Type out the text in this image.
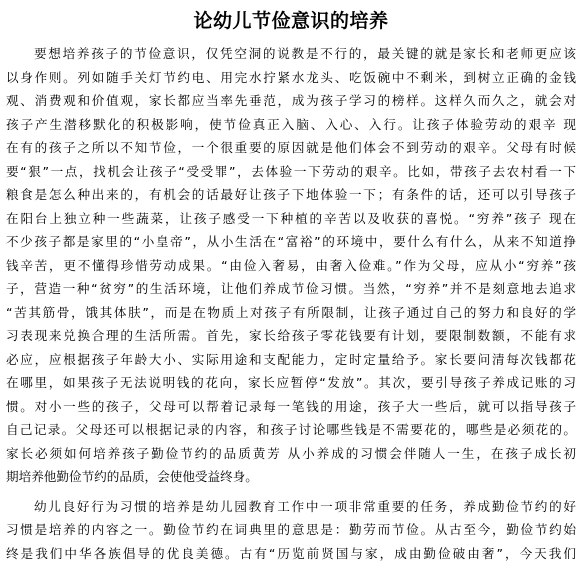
论幼儿节俭意识的培养
要想培养孩子的节俭意识，仅凭空洞的说教是不行的，最关键的就是家长和老师更应该
以身作则。列如随手关灯节约电、用完水拧紧水龙头、吃饭碗中不剩米，到树立正确的金钱
观、消费观和价值观，家长都应当率先垂范，成为孩子学习的榜样。这样久而久之，就会对
孩子产生潜移默化的积极影响，使节俭真正入脑、入心、入行。让孩子体验劳动的艰辛 现
在有的孩子之所以不知节俭，一个很重要的原因就是他们体会不到劳动的艰辛。父母有时候
要“狠”一点，找机会让孩子“受受罪”，去体验一下劳动的艰辛。比如，带孩子去农村看一下
粮食是怎么种出来的，有机会的话最好让孩子下地体验一下；有条件的话，还可以引导孩子
在阳台上独立种一些蔬菜，让孩子感受一下种植的辛苦以及收获的喜悦。“穷养”孩子 现在
不少孩子都是家里的“小皇帝”，从小生活在“富裕”的环境中，要什么有什么，从来不知道挣
钱辛苦，更不懂得珍惜劳动成果。“由俭入奢易，由奢入俭难。”作为父母，应从小“穷养”孩
子，营造一种“贫穷”的生活环境，让他们养成节俭习惯。当然，“穷养”并不是刻意地去追求
“苦其筋骨，饿其体肤”，而是在物质上对孩子有所限制，让孩子通过自己的努力和良好的学
习表现来兑换合理的生活所需。首先，家长给孩子零花钱要有计划，要限制数额，不能有求
必应，应根据孩子年龄大小、实际用途和支配能力，定时定量给予。家长要问清每次钱都花
在哪里，如果孩子无法说明钱的花向，家长应暂停“发放”。其次，要引导孩子养成记账的习
惯。对小一些的孩子，父母可以帮着记录每一笔钱的用途，孩子大一些后，就可以指导孩子
自己记录。父母还可以根据记录的内容，和孩子讨论哪些钱是不需要花的，哪些是必须花的。
家长必须如何培养孩子勤俭节约的品质黄芳 从小养成的习惯会伴随人一生，在孩子成长初
期培养他勤俭节约的品质，会使他受益终身。
幼儿良好行为习惯的培养是幼儿园教育工作中一项非常重要的任务，养成勤俭节约的好
习惯是培养的内容之一。勤俭节约在词典里的意思是：勤劳而节俭。从古至今，勤俭节约始
终是我们中华各族倡导的优良美德。古有“历览前贤国与家，成由勤俭破由奢”，今天我们
